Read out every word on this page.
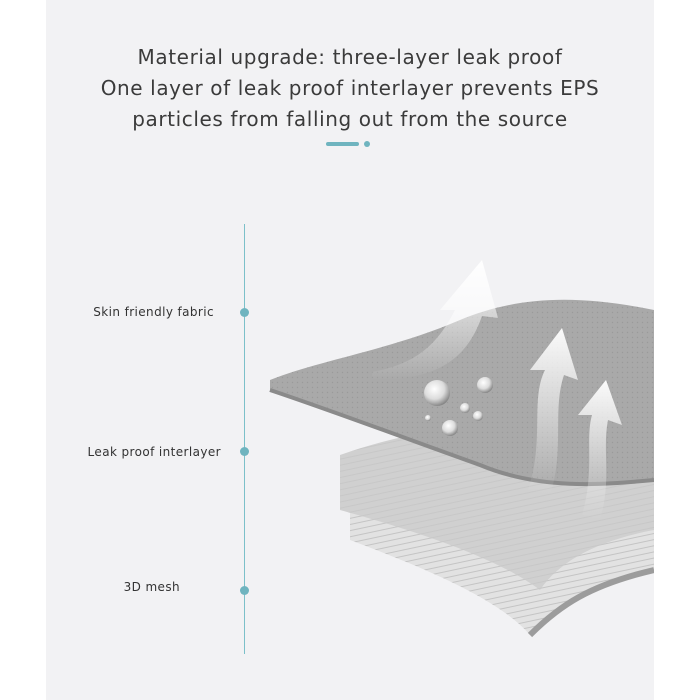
Material upgrade: three-layer leak proof
One layer of leak proof interlayer prevents EPS
particles from falling out from the source
Skin friendly fabric
Leak proof interlayer
3D mesh
